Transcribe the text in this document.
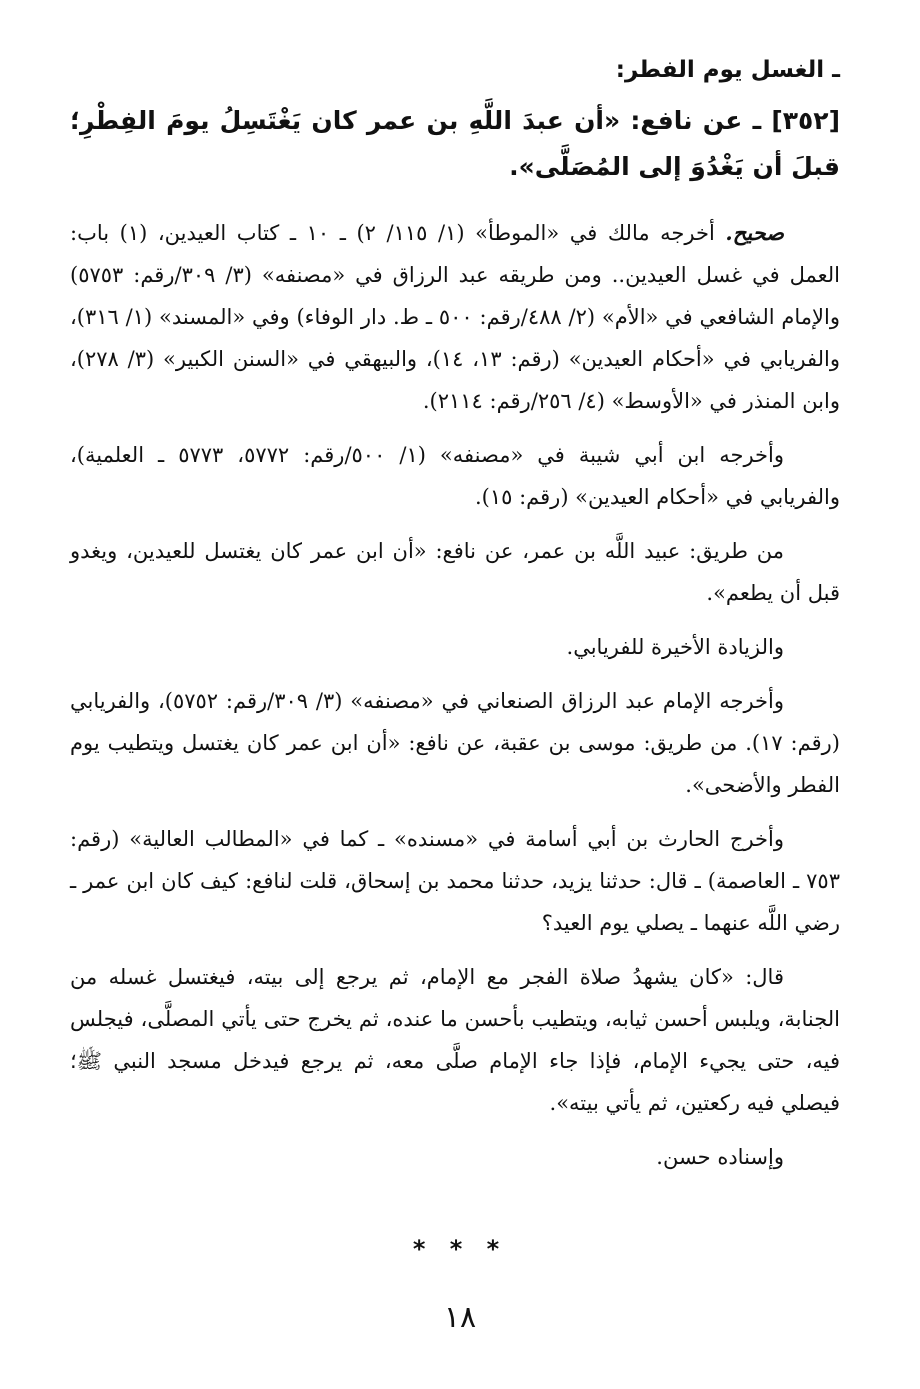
ـ الغسل يوم الفطر:
[٣٥٢] ـ عن نافع: «أن عبدَ اللَّهِ بن عمر كان يَغْتَسِلُ يومَ الفِطْرِ؛ قبلَ أن يَغْدُوَ إلى المُصَلَّى».

صحيح. أخرجه مالك في «الموطأ» (١/ ١١٥/ ٢) ـ ١٠ ـ كتاب العيدين، (١) باب: العمل في غسل العيدين.. ومن طريقه عبد الرزاق في «مصنفه» (٣/ ٣٠٩/رقم: ٥٧٥٣) والإمام الشافعي في «الأم» (٢/ ٤٨٨/رقم: ٥٠٠ ـ ط. دار الوفاء) وفي «المسند» (١/ ٣١٦)، والفريابي في «أحكام العيدين» (رقم: ١٣، ١٤)، والبيهقي في «السنن الكبير» (٣/ ٢٧٨)، وابن المنذر في «الأوسط» (٤/ ٢٥٦/رقم: ٢١١٤).

وأخرجه ابن أبي شيبة في «مصنفه» (١/ ٥٠٠/رقم: ٥٧٧٢، ٥٧٧٣ ـ العلمية)، والفريابي في «أحكام العيدين» (رقم: ١٥).

من طريق: عبيد اللَّه بن عمر، عن نافع: «أن ابن عمر كان يغتسل للعيدين، ويغدو قبل أن يطعم».

والزيادة الأخيرة للفريابي.

وأخرجه الإمام عبد الرزاق الصنعاني في «مصنفه» (٣/ ٣٠٩/رقم: ٥٧٥٢)، والفريابي (رقم: ١٧). من طريق: موسى بن عقبة، عن نافع: «أن ابن عمر كان يغتسل ويتطيب يوم الفطر والأضحى».

وأخرج الحارث بن أبي أسامة في «مسنده» ـ كما في «المطالب العالية» (رقم: ٧٥٣ ـ العاصمة) ـ قال: حدثنا يزيد، حدثنا محمد بن إسحاق، قلت لنافع: كيف كان ابن عمر ـ رضي اللَّه عنهما ـ يصلي يوم العيد؟

قال: «كان يشهدُ صلاة الفجر مع الإمام، ثم يرجع إلى بيته، فيغتسل غسله من الجنابة، ويلبس أحسن ثيابه، ويتطيب بأحسن ما عنده، ثم يخرج حتى يأتي المصلَّى، فيجلس فيه، حتى يجيء الإمام، فإذا جاء الإمام صلَّى معه، ثم يرجع فيدخل مسجد النبي ﷺ؛ فيصلي فيه ركعتين، ثم يأتي بيته».

وإسناده حسن.

* * *
١٨
